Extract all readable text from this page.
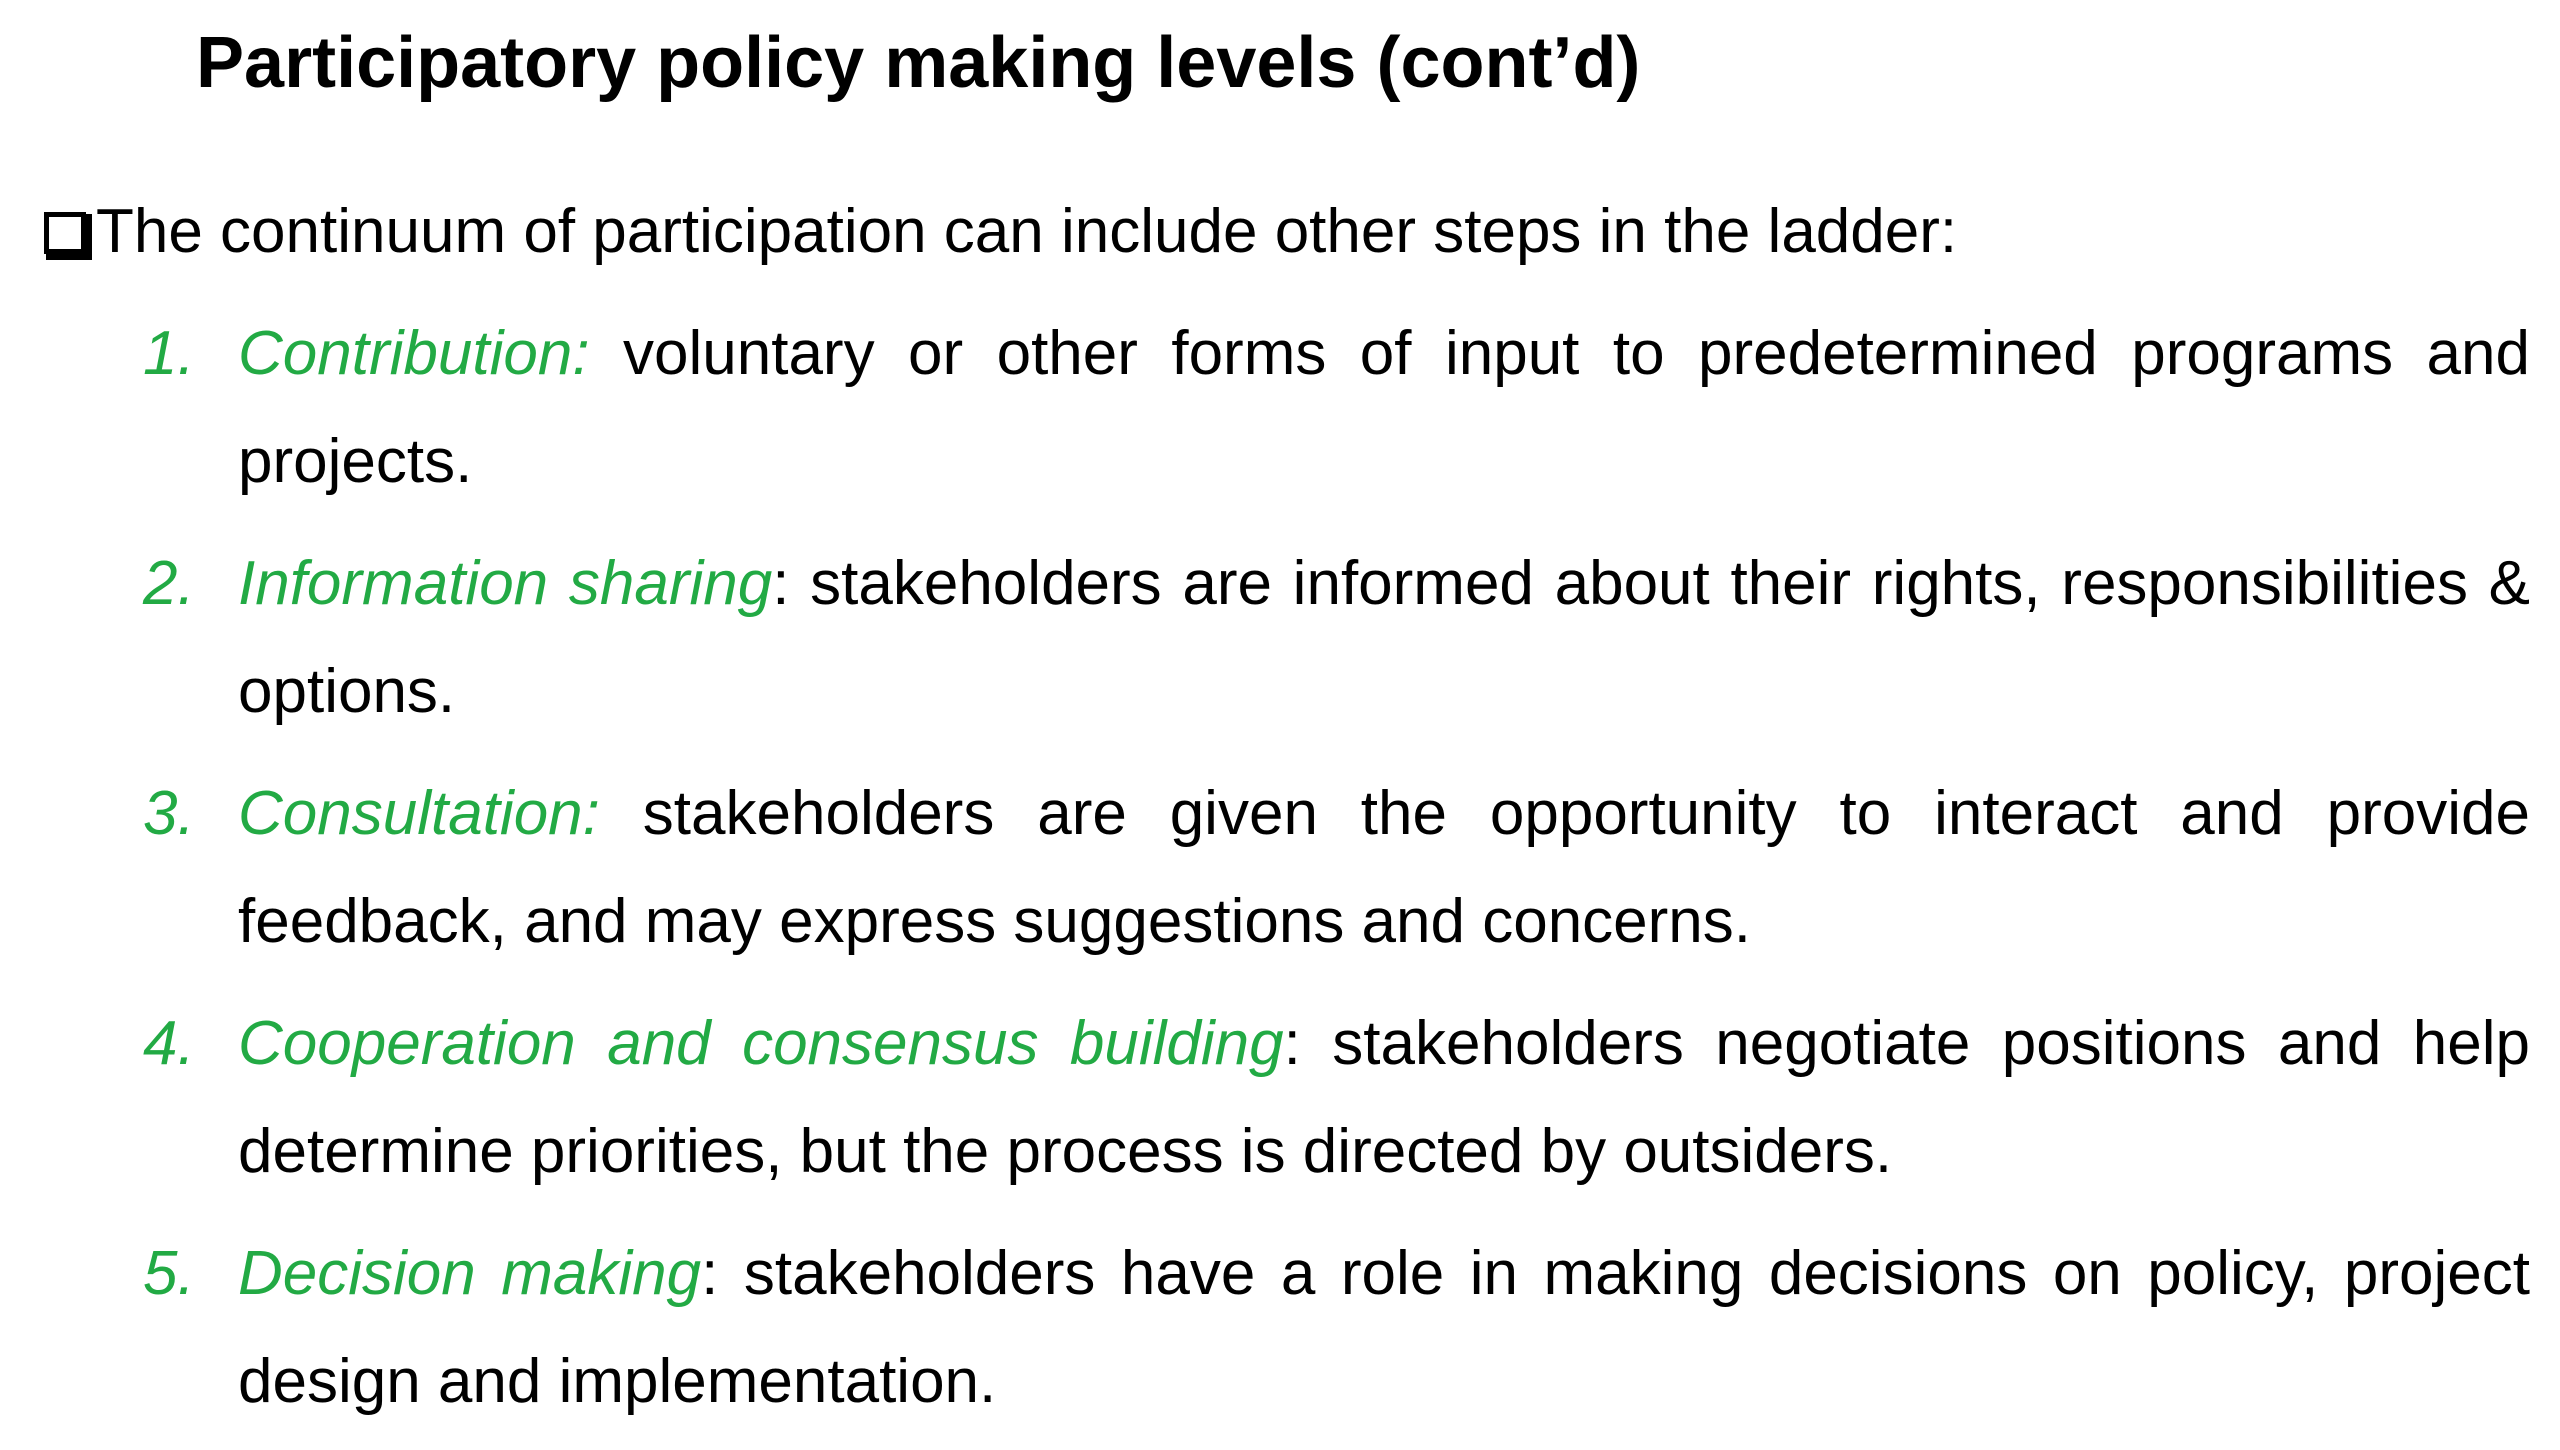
Participatory policy making levels (cont’d)
The continuum of participation can include other steps in the ladder:
1. Contribution: voluntary or other forms of input to predetermined programs and projects.
2. Information sharing: stakeholders are informed about their rights, responsibilities & options.
3. Consultation: stakeholders are given the opportunity to interact and provide feedback, and may express suggestions and concerns.
4. Cooperation and consensus building: stakeholders negotiate positions and help determine priorities, but the process is directed by outsiders.
5. Decision making: stakeholders have a role in making decisions on policy, project design and implementation.
